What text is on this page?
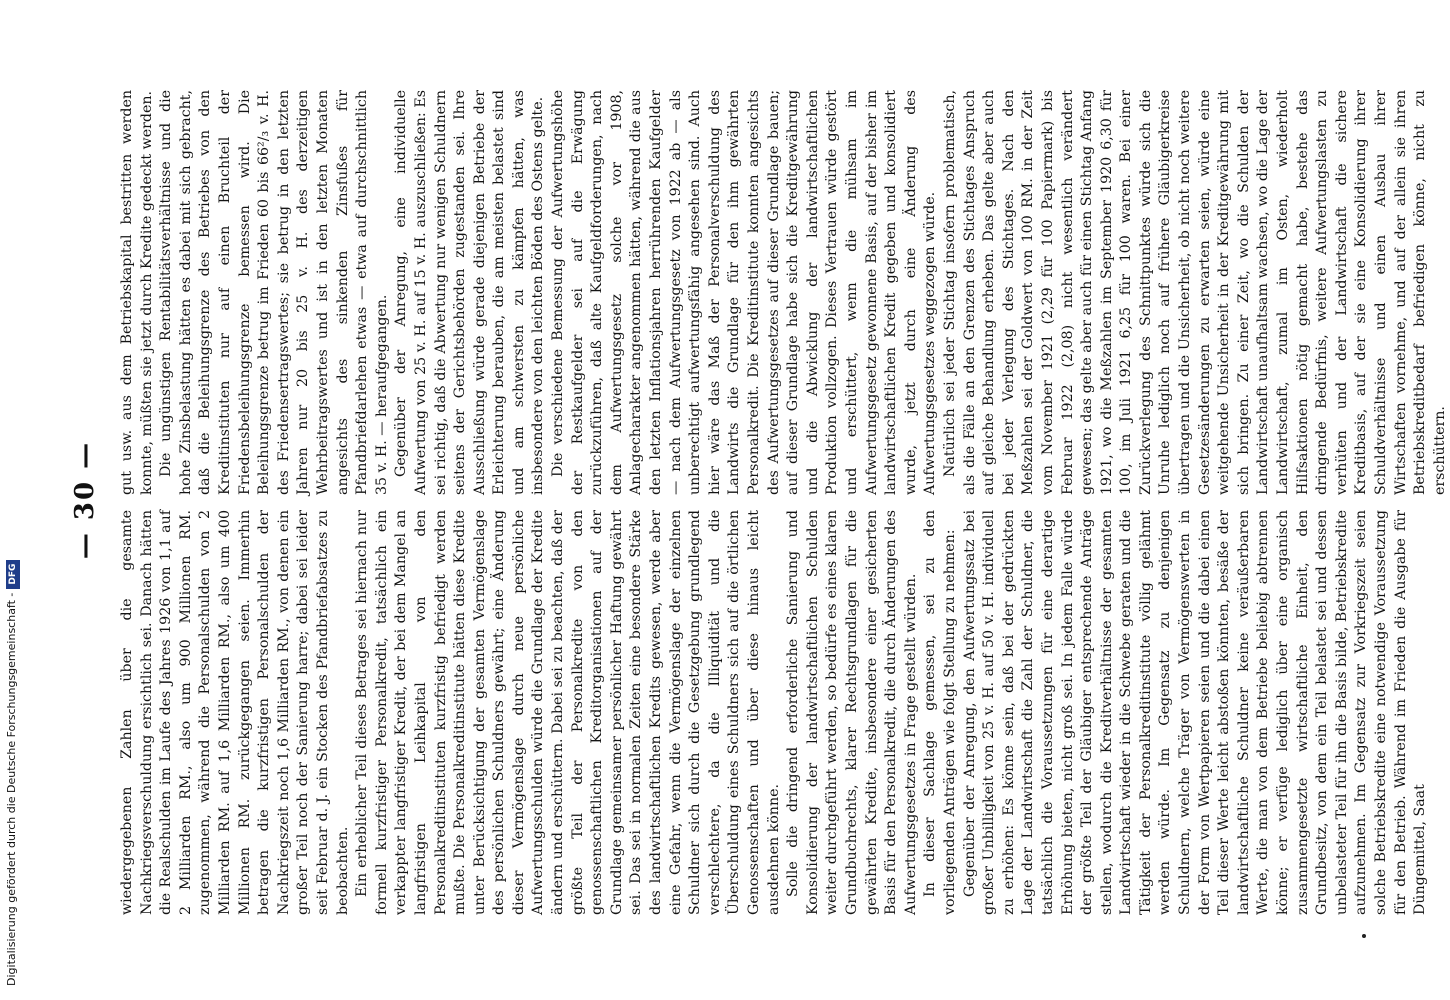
— 30 —

wiedergegebenen Zahlen über die gesamte Nachkriegsverschuldung ersichtlich sei. Danach hätten die Realschulden im Laufe des Jahres 1926 von 1,1 auf 2 Milliarden RM., also um 900 Millionen RM. zugenommen, während die Personalschulden von 2 Milliarden RM. auf 1,6 Milliarden RM., also um 400 Millionen RM. zurückgegangen seien. Immerhin betragen die kurzfristigen Personalschulden der Nachkriegszeit noch 1,6 Milliarden RM., von denen ein großer Teil noch der Sanierung harre; dabei sei leider seit Februar d. J. ein Stocken des Pfandbriefabsatzes zu beobachten. Ein erheblicher Teil dieses Betrages sei hiernach nur formell kurzfristiger Personalkredit, tatsächlich ein verkappter langfristiger Kredit, der bei dem Mangel an langfristigen Leihkapital von den Personalkreditinstituten kurzfristig befriedigt werden mußte. Die Personalkreditinstitute hätten diese Kredite unter Berücksichtigung der gesamten Vermögenslage des persönlichen Schuldners gewährt; eine Änderung dieser Vermögenslage durch neue persönliche Aufwertungsschulden würde die Grundlage der Kredite ändern und erschüttern. Dabei sei zu beachten, daß der größte Teil der Personalkredite von den genossenschaftlichen Kreditorganisationen auf der Grundlage gemeinsamer persönlicher Haftung gewährt sei. Das sei in normalen Zeiten eine besondere Stärke des landwirtschaftlichen Kredits gewesen, werde aber eine Gefahr, wenn die Vermögenslage der einzelnen Schuldner sich durch die Gesetzgebung grundlegend verschlechtere, da die Illiquidität und die Überschuldung eines Schuldners sich auf die örtlichen Genossenschaften und über diese hinaus leicht ausdehnen könne. Solle die dringend erforderliche Sanierung und Konsolidierung der landwirtschaftlichen Schulden weiter durchgeführt werden, so bedürfe es eines klaren Grundbuchrechts, klarer Rechtsgrundlagen für die gewährten Kredite, insbesondere einer gesicherten Basis für den Personalkredit, die durch Änderungen des Aufwertungsgesetzes in Frage gestellt würden. In dieser Sachlage gemessen, sei zu den vorliegenden Anträgen wie folgt Stellung zu nehmen: Gegenüber der Anregung, den Aufwertungssatz bei großer Unbilligkeit von 25 v. H. auf 50 v. H. individuell zu erhöhen: Es könne sein, daß bei der gedrückten Lage der Landwirtschaft die Zahl der Schuldner, die tatsächlich die Voraussetzungen für eine derartige Erhöhung bieten, nicht groß sei. In jedem Falle würde der größte Teil der Gläubiger entsprechende Anträge stellen, wodurch die Kreditverhältnisse der gesamten Landwirtschaft wieder in die Schwebe geraten und die Tätigkeit der Personalkreditinstitute völlig gelähmt werden würde. Im Gegensatz zu denjenigen Schuldnern, welche Träger von Vermögenswerten in der Form von Wertpapieren seien und die dabei einen Teil dieser Werte leicht abstoßen könnten, besäße der landwirtschaftliche Schuldner keine veräußerbaren Werte, die man von dem Betriebe beliebig abtrennen könne; er verfüge lediglich über eine organisch zusammengesetzte wirtschaftliche Einheit, den Grundbesitz, von dem ein Teil belastet sei und dessen unbelasteter Teil für ihn die Basis bilde, Betriebskredite aufzunehmen. Im Gegensatz zur Vorkriegszeit seien solche Betriebskredite eine notwendige Voraussetzung für den Betrieb. Während im Frieden die Ausgabe für Düngemittel, Saat

gut usw. aus dem Betriebskapital bestritten werden konnte, müßten sie jetzt durch Kredite gedeckt werden. Die ungünstigen Rentabilitätsverhältnisse und die hohe Zinsbelastung hätten es dabei mit sich gebracht, daß die Beleihungsgrenze des Betriebes von den Kreditinstituten nur auf einen Bruchteil der Friedensbeleihungsgrenze bemessen wird. Die Beleihungsgrenze betrug im Frieden 60 bis 66²/₃ v. H. des Friedensertragswertes; sie betrug in den letzten Jahren nur 20 bis 25 v. H. des derzeitigen Wehrbeitragswertes und ist in den letzten Monaten angesichts des sinkenden Zinsfußes für Pfandbriefdarlehen etwas — etwa auf durchschnittlich 35 v. H. — heraufgegangen. Gegenüber der Anregung, eine individuelle Aufwertung von 25 v. H. auf 15 v. H. auszuschließen: Es sei richtig, daß die Abwertung nur wenigen Schuldnern seitens der Gerichtsbehörden zugestanden sei. Ihre Ausschließung würde gerade diejenigen Betriebe der Erleichterung berauben, die am meisten belastet sind und am schwersten zu kämpfen hätten, was insbesondere von den leichten Böden des Ostens gelte. Die verschiedene Bemessung der Aufwertungshöhe der Restkaufgelder sei auf die Erwägung zurückzuführen, daß alte Kaufgeldforderungen, nach dem Aufwertungsgesetz solche vor 1908, Anlagecharakter angenommen hätten, während die aus den letzten Inflationsjahren herrührenden Kaufgelder — nach dem Aufwertungsgesetz von 1922 ab — als unberechtigt aufwertungsfähig angesehen sind. Auch hier wäre das Maß der Personalverschuldung des Landwirts die Grundlage für den ihm gewährten Personalkredit. Die Kreditinstitute konnten angesichts des Aufwertungsgesetzes auf dieser Grundlage bauen; auf dieser Grundlage habe sich die Kreditgewährung und die Abwicklung der landwirtschaftlichen Produktion vollzogen. Dieses Vertrauen würde gestört und erschüttert, wenn die mühsam im Aufwertungsgesetz gewonnene Basis, auf der bisher im landwirtschaftlichen Kredit gegeben und konsolidiert wurde, jetzt durch eine Änderung des Aufwertungsgesetzes weggezogen würde. Natürlich sei jeder Stichtag insofern problematisch, als die Fälle an den Grenzen des Stichtages Anspruch auf gleiche Behandlung erheben. Das gelte aber auch bei jeder Verlegung des Stichtages. Nach den Meßzahlen sei der Goldwert von 100 RM. in der Zeit vom November 1921 (2,29 für 100 Papiermark) bis Februar 1922 (2,08) nicht wesentlich verändert gewesen; das gelte aber auch für einen Stichtag Anfang 1921, wo die Meßzahlen im September 1920 6,30 für 100, im Juli 1921 6,25 für 100 waren. Bei einer Zurückverlegung des Schnittpunktes würde sich die Unruhe lediglich noch auf frühere Gläubigerkreise übertragen und die Unsicherheit, ob nicht noch weitere Gesetzesänderungen zu erwarten seien, würde eine weitgehende Unsicherheit in der Kreditgewährung mit sich bringen. Zu einer Zeit, wo die Schulden der Landwirtschaft unaufhaltsam wachsen, wo die Lage der Landwirtschaft, zumal im Osten, wiederholt Hilfsaktionen nötig gemacht habe, bestehe das dringende Bedürfnis, weitere Aufwertungslasten zu verhüten und der Landwirtschaft die sichere Kreditbasis, auf der sie eine Konsolidierung ihrer Schuldverhältnisse und einen Ausbau ihrer Wirtschaften vornehme, und auf der allein sie ihren Betriebskreditbedarf befriedigen könne, nicht zu erschüttern.

Digitalisierung gefördert durch die Deutsche Forschungsgemeinschaft -DFG
